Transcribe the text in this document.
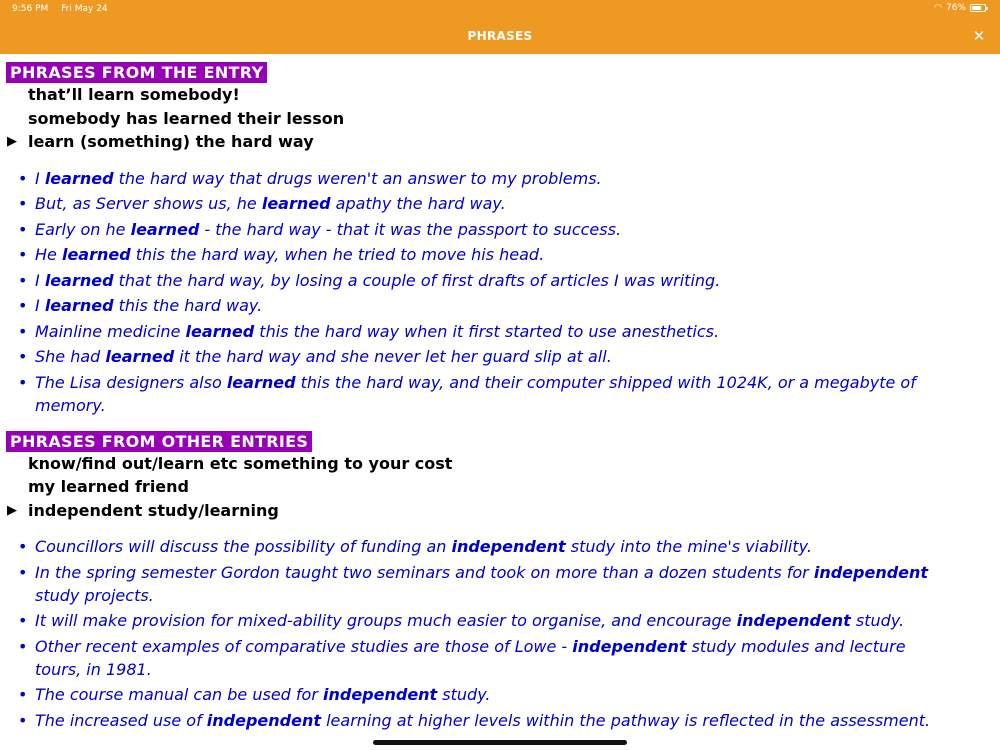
9:56 PM Fri May 24	◠ 76%
PHRASES	✕
PHRASES FROM THE ENTRY
that’ll learn somebody!
somebody has learned their lesson
▶ learn (something) the hard way
• I learned the hard way that drugs weren't an answer to my problems.
• But, as Server shows us, he learned apathy the hard way.
• Early on he learned - the hard way - that it was the passport to success.
• He learned this the hard way, when he tried to move his head.
• I learned that the hard way, by losing a couple of first drafts of articles I was writing.
• I learned this the hard way.
• Mainline medicine learned this the hard way when it first started to use anesthetics.
• She had learned it the hard way and she never let her guard slip at all.
• The Lisa designers also learned this the hard way, and their computer shipped with 1024K, or a megabyte of memory.
PHRASES FROM OTHER ENTRIES
know/find out/learn etc something to your cost
my learned friend
▶ independent study/learning
• Councillors will discuss the possibility of funding an independent study into the mine's viability.
• In the spring semester Gordon taught two seminars and took on more than a dozen students for independent study projects.
• It will make provision for mixed-ability groups much easier to organise, and encourage independent study.
• Other recent examples of comparative studies are those of Lowe - independent study modules and lecture tours, in 1981.
• The course manual can be used for independent study.
• The increased use of independent learning at higher levels within the pathway is reflected in the assessment.
